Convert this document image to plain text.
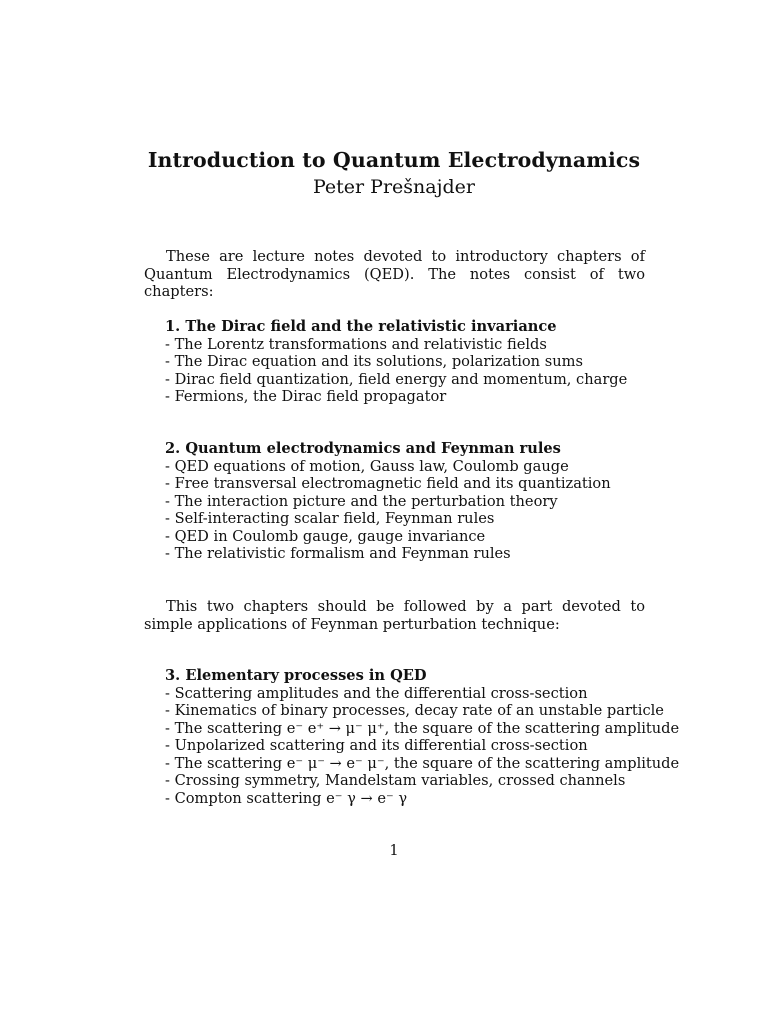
Introduction to Quantum Electrodynamics
Peter Prešnajder
These are lecture notes devoted to introductory chapters of Quantum Electrodynamics (QED). The notes consist of two chapters:
1. The Dirac field and the relativistic invariance
- The Lorentz transformations and relativistic fields
- The Dirac equation and its solutions, polarization sums
- Dirac field quantization, field energy and momentum, charge
- Fermions, the Dirac field propagator
2. Quantum electrodynamics and Feynman rules
- QED equations of motion, Gauss law, Coulomb gauge
- Free transversal electromagnetic field and its quantization
- The interaction picture and the perturbation theory
- Self-interacting scalar field, Feynman rules
- QED in Coulomb gauge, gauge invariance
- The relativistic formalism and Feynman rules
This two chapters should be followed by a part devoted to simple applications of Feynman perturbation technique:
3. Elementary processes in QED
- Scattering amplitudes and the differential cross-section
- Kinematics of binary processes, decay rate of an unstable particle
- The scattering e⁻ e⁺ → μ⁻ μ⁺, the square of the scattering amplitude
- Unpolarized scattering and its differential cross-section
- The scattering e⁻ μ⁻ → e⁻ μ⁻, the square of the scattering amplitude
- Crossing symmetry, Mandelstam variables, crossed channels
- Compton scattering e⁻ γ → e⁻ γ
1
